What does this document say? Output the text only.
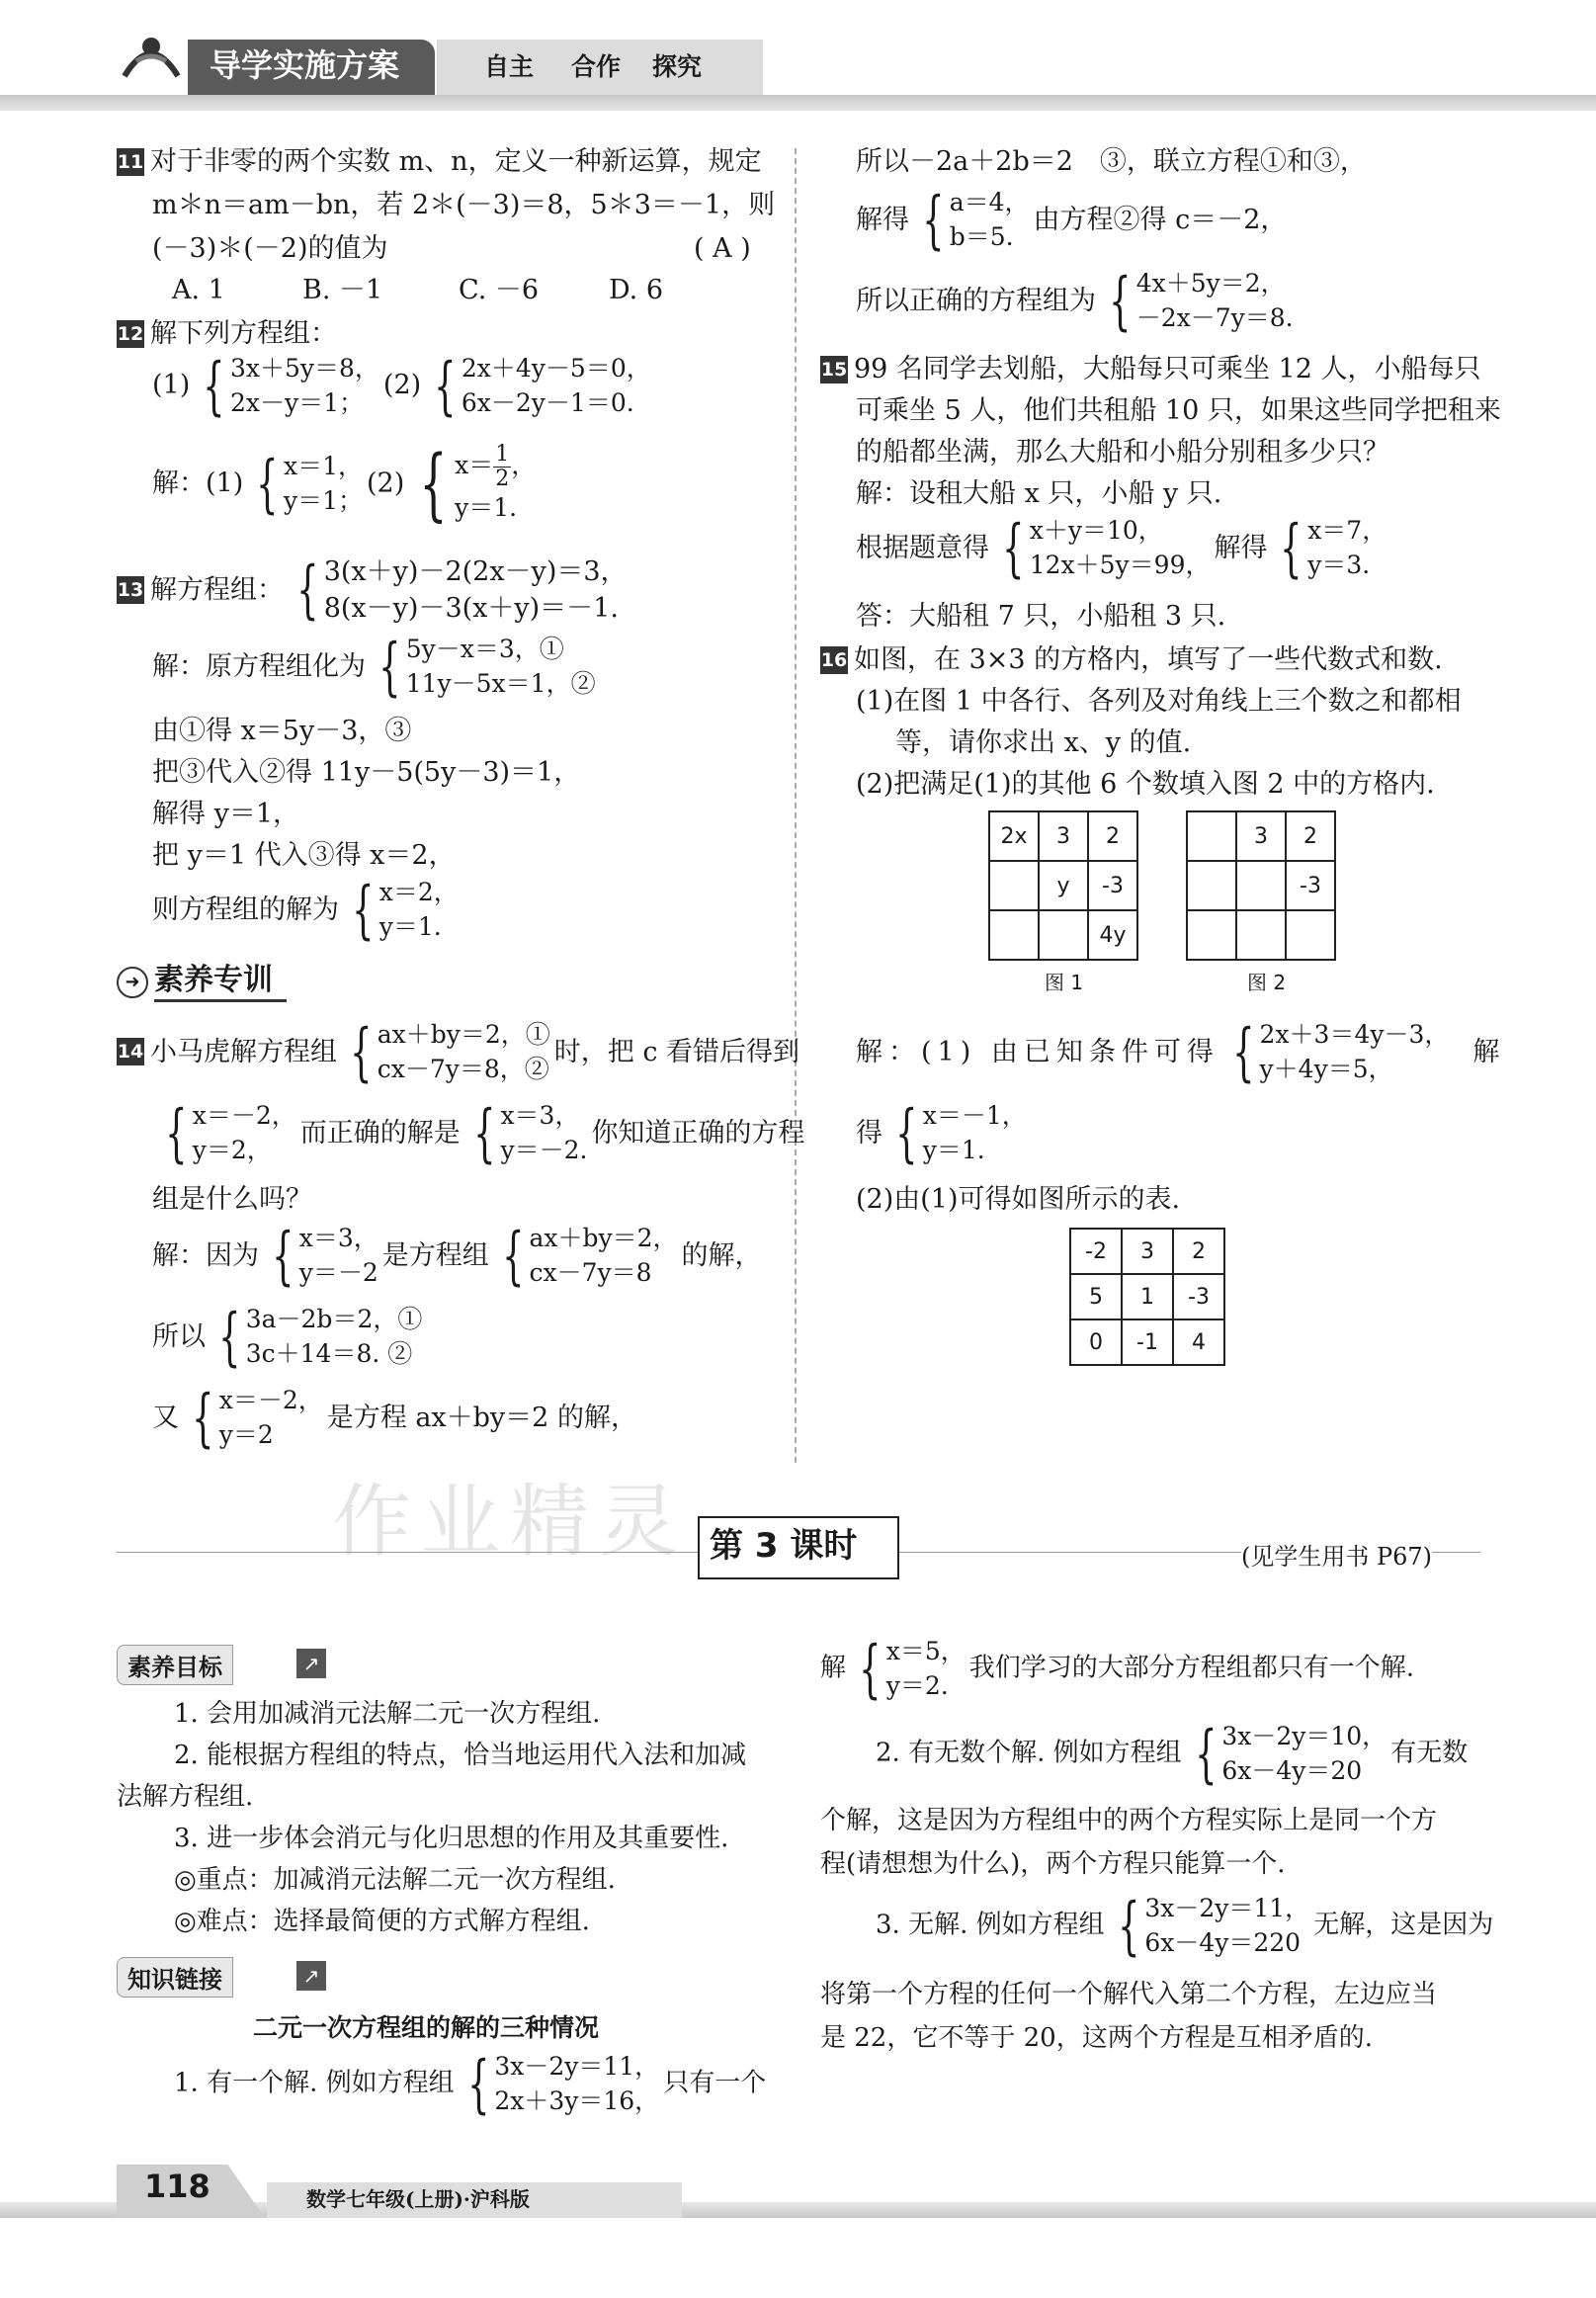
导学实施方案	自主 合作 探究
11 对于非零的两个实数 m、n，定义一种新运算，规定
m＊n＝am－bn，若 2＊(－3)＝8，5＊3＝－1，则
(－3)＊(－2)的值为	( A )
A. 1	B. －1	C. －6	D. 6
12 解下列方程组：
(1) { 3x＋5y＝8，
2x－y＝1；
(2) { 2x＋4y－5＝0，
6x－2y－1＝0.
解：(1) { x＝1，
y＝1；
(2) { $x= \frac{1}{2}$ ，
y＝1.
13 解方程组： { 3(x＋y)－2(2x－y)＝3，
8(x－y)－3(x＋y)＝－1.
解：原方程组化为 { 5y－x＝3，①
11y－5x＝1，②
由①得 x＝5y－3，③
把③代入②得 11y－5(5y－3)＝1，
解得 y＝1，
把 y＝1 代入③得 x＝2，
则方程组的解为 { x＝2，
y＝1.
➜ 素养专训
14 小马虎解方程组 { ax＋by＝2，①
cx－7y＝8，②
时，把 c 看错后得到
{ x＝－2，
y＝2，
而正确的解是 { x＝3，
y＝－2.
你知道正确的方程
组是什么吗？
解：因为 { x＝3，
y＝－2
是方程组 { ax＋by＝2，
cx－7y＝8
的解，
所以 { 3a－2b＝2，①
3c＋14＝8. ②
又 { x＝－2，
y＝2
是方程 ax＋by＝2 的解，
所以－2a＋2b＝2　③，联立方程①和③，
解得 { a＝4，
b＝5.
由方程②得 c＝－2，
所以正确的方程组为 { 4x＋5y＝2，
－2x－7y＝8.
15 99 名同学去划船，大船每只可乘坐 12 人，小船每只
可乘坐 5 人，他们共租船 10 只，如果这些同学把租来
的船都坐满，那么大船和小船分别租多少只？
解：设租大船 x 只，小船 y 只.
根据题意得 { x＋y＝10，
12x＋5y＝99，
解得 { x＝7，
y＝3.
答：大船租 7 只，小船租 3 只.
16 如图，在 3×3 的方格内，填写了一些代数式和数.
(1)在图 1 中各行、各列及对角线上三个数之和都相
等，请你求出 x、y 的值.
(2)把满足(1)的其他 6 个数填入图 2 中的方格内.
2x	3	2
	y	-3
		4y
	3	2
		-3

图 1	图 2
解：(1) 由已知条件可得 { 2x＋3＝4y－3，
y＋4y＝5，
解
得 { x＝－1，
y＝1.
(2)由(1)可得如图所示的表.
-2	3	2
5	1	-3
0	-1	4
第 3 课时	(见学生用书 P67)
素养目标	↗
1. 会用加减消元法解二元一次方程组.
2. 能根据方程组的特点，恰当地运用代入法和加减
法解方程组.
3. 进一步体会消元与化归思想的作用及其重要性.
◎重点：加减消元法解二元一次方程组.
◎难点：选择最简便的方式解方程组.
知识链接	↗
二元一次方程组的解的三种情况
1. 有一个解. 例如方程组 { 3x－2y＝11，
2x＋3y＝16，
只有一个
解 { x＝5，
y＝2.
我们学习的大部分方程组都只有一个解.
2. 有无数个解. 例如方程组 { 3x－2y＝10，
6x－4y＝20
有无数
个解，这是因为方程组中的两个方程实际上是同一个方
程(请想想为什么)，两个方程只能算一个.
3. 无解. 例如方程组 { 3x－2y＝11，
6x－4y＝220
无解，这是因为
将第一个方程的任何一个解代入第二个方程，左边应当
是 22，它不等于 20，这两个方程是互相矛盾的.
作业精灵
118	数学七年级(上册)·沪科版
